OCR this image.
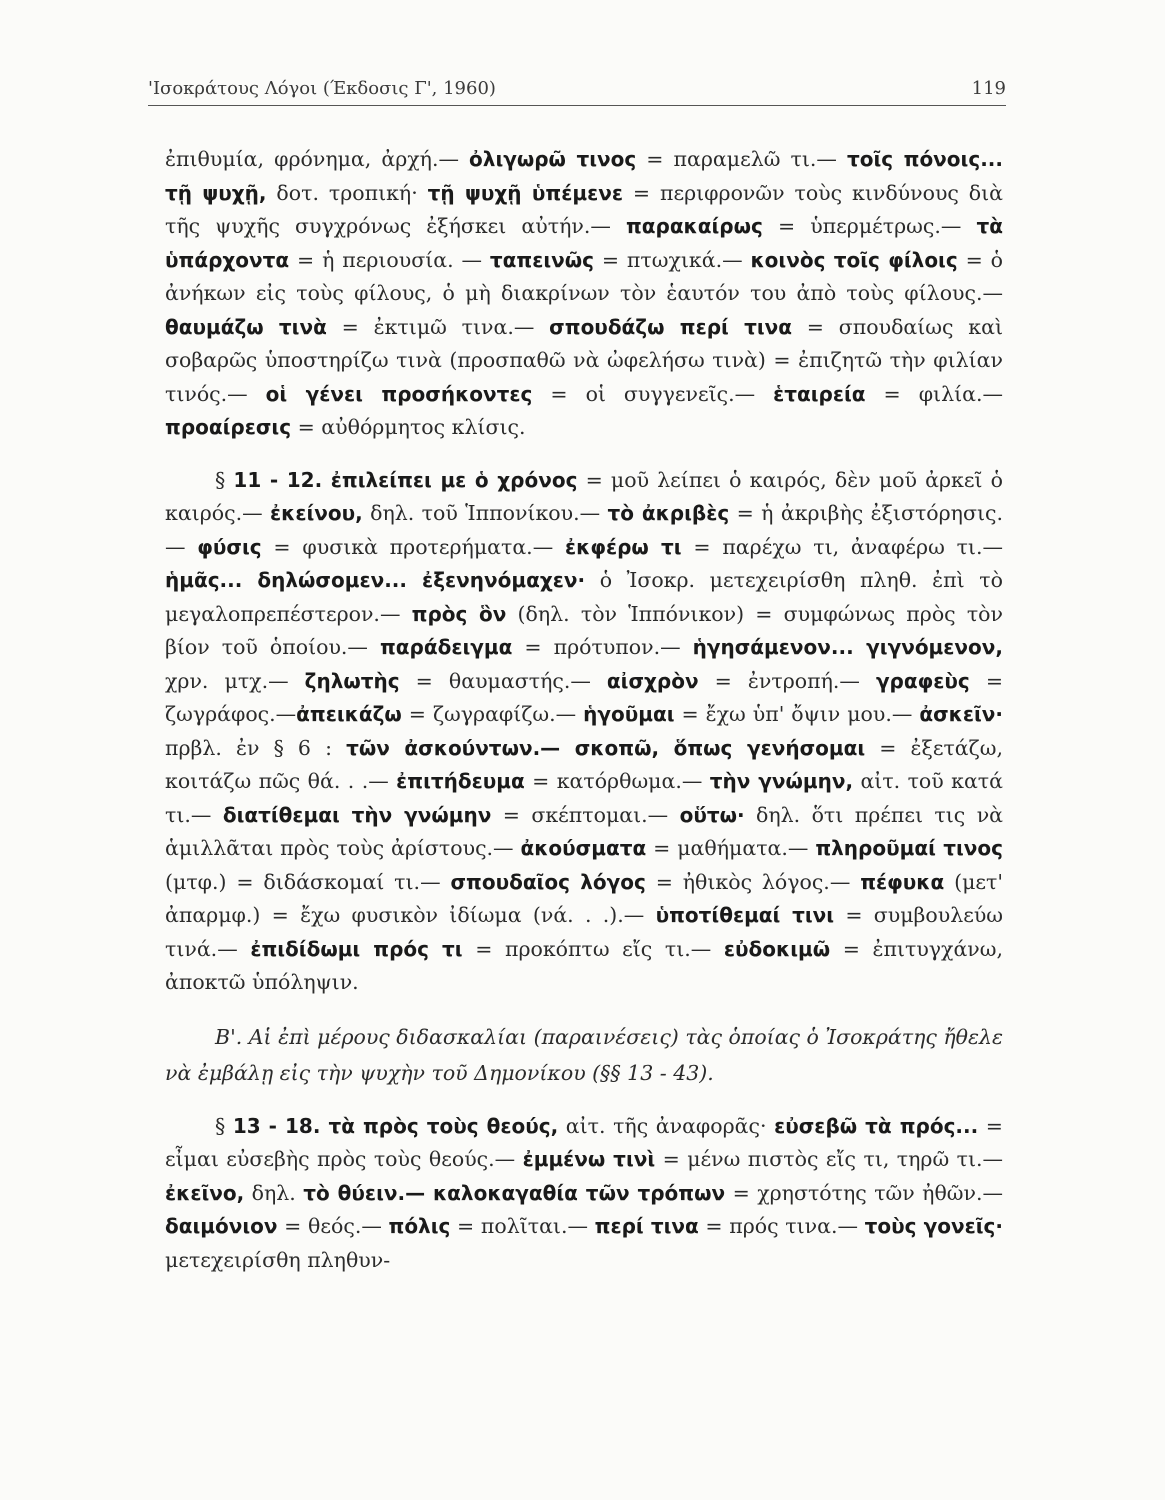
'Ισοκράτους Λόγοι (Έκδοσις Γ', 1960)	119

ἐπιθυμία, φρόνημα, ἀρχή.— ὀλιγωρῶ τινος = παραμελῶ τι.— τοῖς πόνοις... τῇ ψυχῇ, δοτ. τροπική· τῇ ψυχῇ ὑπέμενε = περιφρονῶν τοὺς κινδύνους διὰ τῆς ψυχῆς συγχρόνως ἐξήσκει αὐτήν.— παρακαίρως = ὑπερμέτρως.— τὰ ὑπάρχοντα = ἡ περιουσία. — ταπεινῶς = πτωχικά.— κοινὸς τοῖς φίλοις = ὁ ἀνήκων εἰς τοὺς φίλους, ὁ μὴ διακρίνων τὸν ἑαυτόν του ἀπὸ τοὺς φίλους.— θαυμάζω τινὰ = ἐκτιμῶ τινα.— σπουδάζω περί τινα = σπουδαίως καὶ σοβαρῶς ὑποστηρίζω τινὰ (προσπαθῶ νὰ ὠφελήσω τινὰ) = ἐπιζητῶ τὴν φιλίαν τινός.— οἱ γένει προσήκοντες = οἱ συγγενεῖς.— ἑταιρεία = φιλία.— προαίρεσις = αὐθόρμητος κλίσις.

§ 11 - 12. ἐπιλείπει με ὁ χρόνος = μοῦ λείπει ὁ καιρός, δὲν μοῦ ἀρκεῖ ὁ καιρός.— ἐκείνου, δηλ. τοῦ Ἱππονίκου.— τὸ ἀκριβὲς = ἡ ἀκριβὴς ἐξιστόρησις.— φύσις = φυσικὰ προτερήματα.— ἐκφέρω τι = παρέχω τι, ἀναφέρω τι.— ἡμᾶς... δηλώσομεν... ἐξενηνόμαχεν· ὁ Ἰσοκρ. μετεχειρίσθη πληθ. ἐπὶ τὸ μεγαλοπρεπέστερον.— πρὸς ὃν (δηλ. τὸν Ἱππόνικον) = συμφώνως πρὸς τὸν βίον τοῦ ὁποίου.— παράδειγμα = πρότυπον.— ἡγησάμενον... γιγνόμενον, χρν. μτχ.— ζηλωτὴς = θαυμαστής.— αἰσχρὸν = ἐντροπή.— γραφεὺς = ζωγράφος.—ἀπεικάζω = ζωγραφίζω.— ἡγοῦμαι = ἔχω ὑπ' ὄψιν μου.— ἀσκεῖν· πρβλ. ἐν § 6 : τῶν ἀσκούντων.— σκοπῶ, ὅπως γενήσομαι = ἐξετάζω, κοιτάζω πῶς θά. . .— ἐπιτήδευμα = κατόρθωμα.— τὴν γνώμην, αἰτ. τοῦ κατά τι.— διατίθεμαι τὴν γνώμην = σκέπτομαι.— οὕτω· δηλ. ὅτι πρέπει τις νὰ ἁμιλλᾶται πρὸς τοὺς ἀρίστους.— ἀκούσματα = μαθήματα.— πληροῦμαί τινος (μτφ.) = διδάσκομαί τι.— σπουδαῖος λόγος = ἠθικὸς λόγος.— πέφυκα (μετ' ἀπαρμφ.) = ἔχω φυσικὸν ἰδίωμα (νά. . .).— ὑποτίθεμαί τινι = συμβουλεύω τινά.— ἐπιδίδωμι πρός τι = προκόπτω εἴς τι.— εὐδοκιμῶ = ἐπιτυγχάνω, ἀποκτῶ ὑπόληψιν.

Β'. Αἱ ἐπὶ μέρους διδασκαλίαι (παραινέσεις) τὰς ὁποίας ὁ Ἰσοκράτης ἤθελε νὰ ἐμβάλῃ εἰς τὴν ψυχὴν τοῦ Δημονίκου (§§ 13 - 43).

§ 13 - 18. τὰ πρὸς τοὺς θεούς, αἰτ. τῆς ἀναφορᾶς· εὐσεβῶ τὰ πρός... = εἶμαι εὐσεβὴς πρὸς τοὺς θεούς.— ἐμμένω τινὶ = μένω πιστὸς εἴς τι, τηρῶ τι.— ἐκεῖνο, δηλ. τὸ θύειν.— καλοκαγαθία τῶν τρόπων = χρηστότης τῶν ἠθῶν.— δαιμόνιον = θεός.— πόλις = πολῖται.— περί τινα = πρός τινα.— τοὺς γονεῖς· μετεχειρίσθη πληθυν-
